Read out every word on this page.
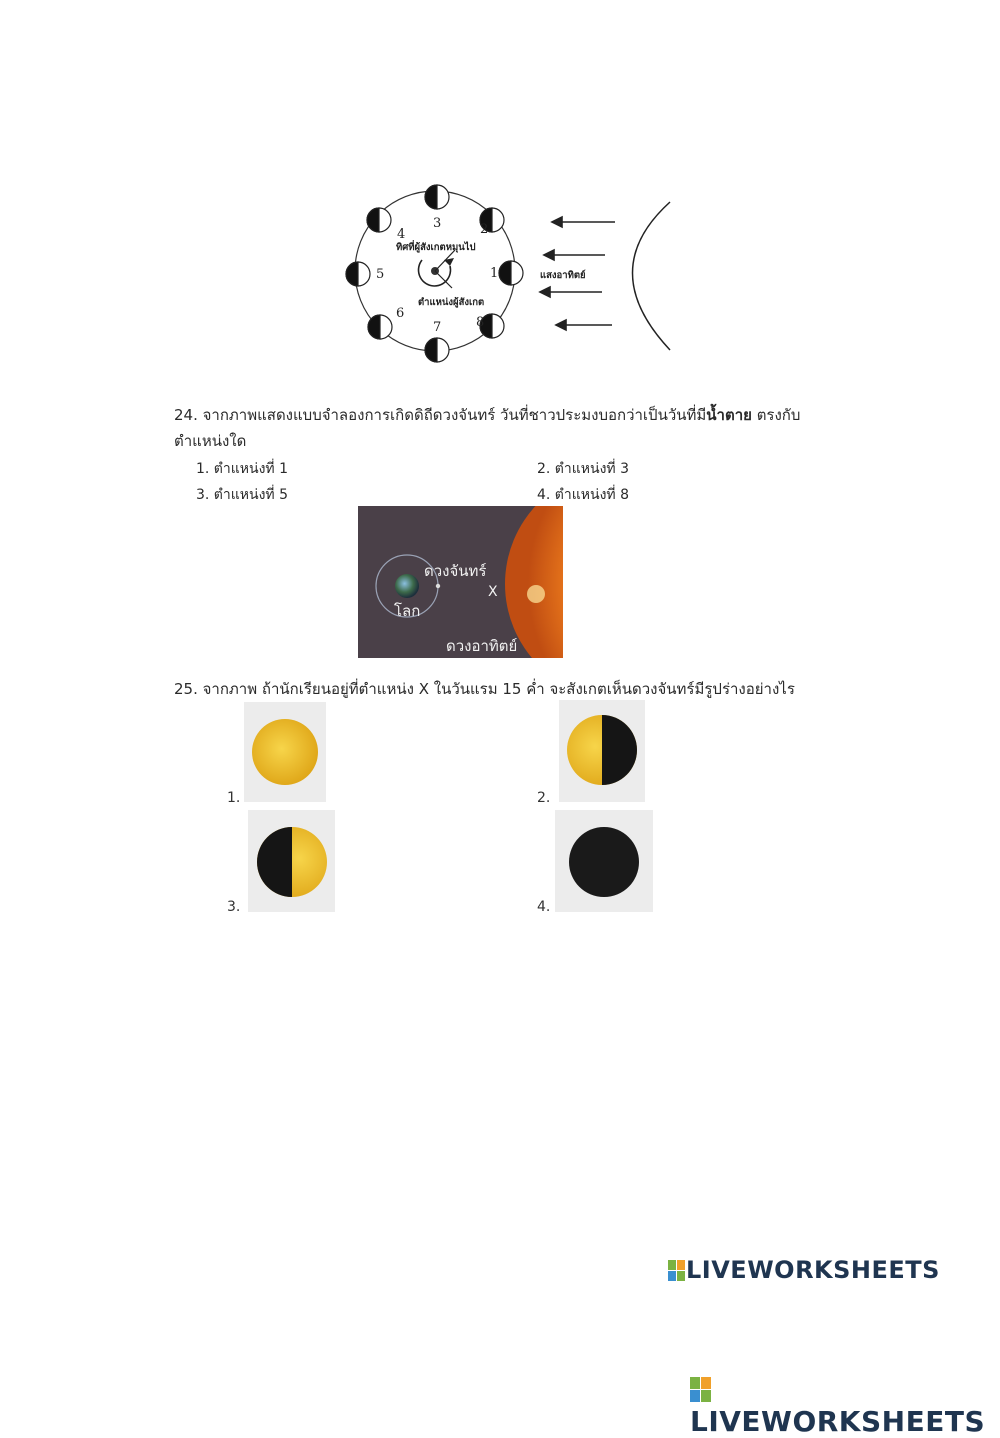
1
2
3
4
5
6
7	8
ทิศที่ผู้สังเกตหมุนไป
ตำแหน่งผู้สังเกต
แสงอาทิตย์
24. จากภาพแสดงแบบจำลองการเกิดดิถีดวงจันทร์ วันที่ชาวประมงบอกว่าเป็นวันที่มีน้ำตาย ตรงกับ
ตำแหน่งใด
1. ตำแหน่งที่ 1	2. ตำแหน่งที่ 3
3. ตำแหน่งที่ 5	4. ตำแหน่งที่ 8
ดวงจันทร์
X
โลก
ดวงอาทิตย์
25. จากภาพ ถ้านักเรียนอยู่ที่ตำแหน่ง X ในวันแรม 15 ค่ำ จะสังเกตเห็นดวงจันทร์มีรูปร่างอย่างไร
1.	2.
3.	4.
LIVEWORKSHEETS
LIVEWORKSHEETS
